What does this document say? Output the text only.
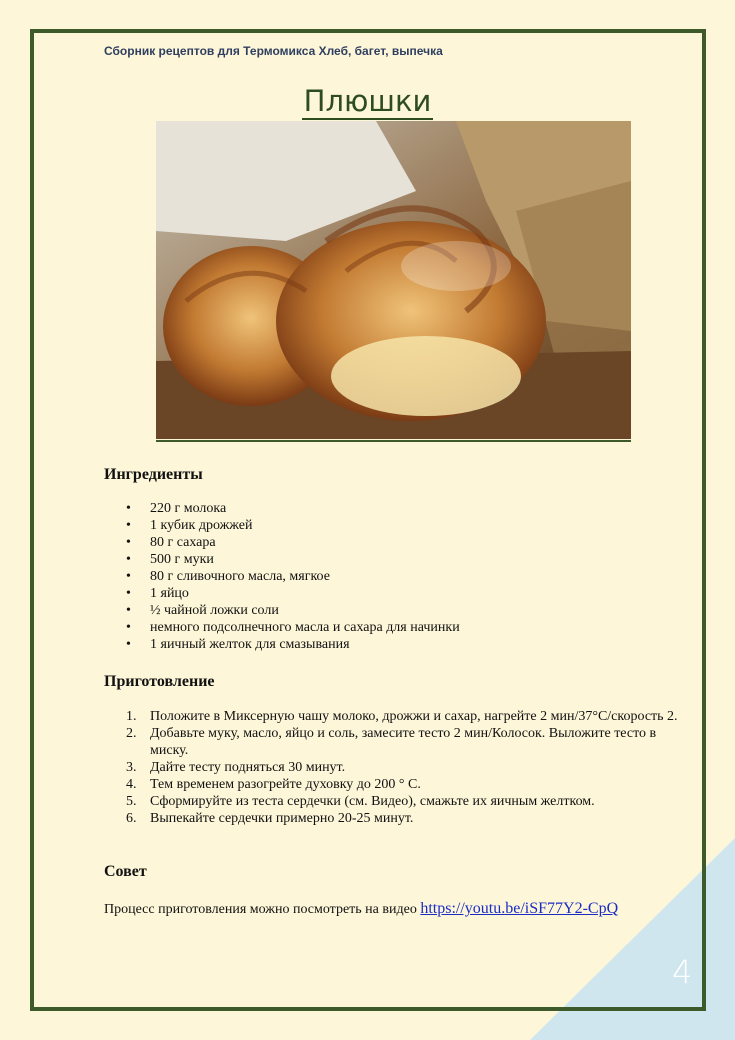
Сборник рецептов для Термомикса Хлеб, багет, выпечка
Плюшки
Ингредиенты
• 220 г молока
• 1 кубик дрожжей
• 80 г сахара
• 500 г муки
• 80 г сливочного масла, мягкое
• 1 яйцо
• ½ чайной ложки соли
• немного подсолнечного масла и сахара для начинки
• 1 яичный желток для смазывания
Приготовление
1. Положите в Миксерную чашу молоко, дрожжи и сахар, нагрейте 2 мин/37°C/скорость 2.
2. Добавьте муку, масло, яйцо и соль, замесите тесто 2 мин/Колосок. Выложите тесто в миску.
3. Дайте тесту подняться 30 минут.
4. Тем временем разогрейте духовку до 200 ° С.
5. Сформируйте из теста сердечки (см. Видео), смажьте их яичным желтком.
6. Выпекайте сердечки примерно 20-25 минут.
Совет
Процесс приготовления можно посмотреть на видео https://youtu.be/iSF77Y2-CpQ
4
